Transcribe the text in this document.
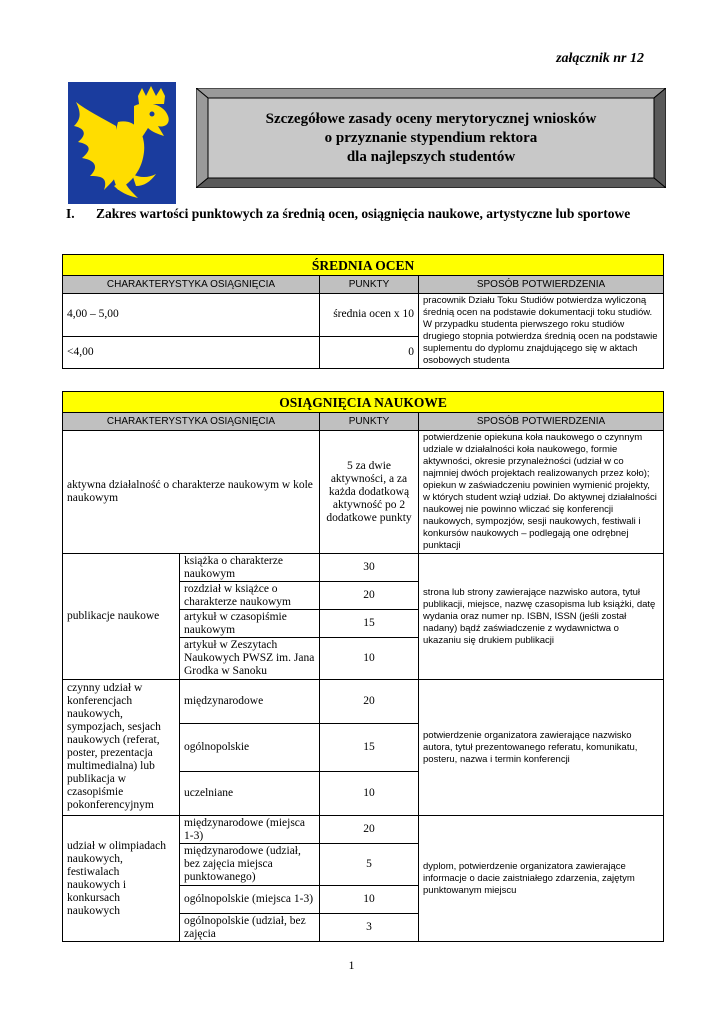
załącznik nr 12
Szczegółowe zasady oceny merytorycznej wniosków
o przyznanie stypendium rektora
dla najlepszych studentów
I. Zakres wartości punktowych za średnią ocen, osiągnięcia naukowe, artystyczne lub sportowe
ŚREDNIA OCEN		
CHARAKTERYSTYKA OSIĄGNIĘCIA	PUNKTY	SPOSÓB POTWIERDZENIA
4,00 – 5,00	średnia ocen x 10	pracownik Działu Toku Studiów potwierdza wyliczoną średnią ocen na podstawie dokumentacji toku studiów. W przypadku studenta pierwszego roku studiów drugiego stopnia potwierdza średnią ocen na podstawie suplementu do dyplomu znajdującego się w aktach osobowych studenta
<4,00	0	
OSIĄGNIĘCIA NAUKOWE			
CHARAKTERYSTYKA OSIĄGNIĘCIA		PUNKTY	SPOSÓB POTWIERDZENIA
aktywna działalność o charakterze naukowym w kole naukowym		5 za dwie aktywności, a za każda dodatkową aktywność po 2 dodatkowe punkty	potwierdzenie opiekuna koła naukowego o czynnym udziale w działalności koła naukowego, formie aktywności, okresie przynależności (udział w co najmniej dwóch projektach realizowanych przez koło); opiekun w zaświadczeniu powinien wymienić projekty, w których student wziął udział. Do aktywnej działalności naukowej nie powinno wliczać się konferencji naukowych, sympozjów, sesji naukowych, festiwali i konkursów naukowych – podlegają one odrębnej punktacji
publikacje naukowe	książka o charakterze naukowym	30	strona lub strony zawierające nazwisko autora, tytuł publikacji, miejsce, nazwę czasopisma lub książki, datę wydania oraz numer np. ISBN, ISSN (jeśli został nadany) bądź zaświadczenie z wydawnictwa o ukazaniu się drukiem publikacji
	rozdział w książce o charakterze naukowym	20	
	artykuł w czasopiśmie naukowym	15	
	artykuł w Zeszytach Naukowych PWSZ im. Jana Grodka w Sanoku	10	
czynny udział w konferencjach naukowych, sympozjach, sesjach naukowych (referat, poster, prezentacja multimedialna) lub publikacja w czasopiśmie pokonferencyjnym	międzynarodowe	20	potwierdzenie organizatora zawierające nazwisko autora, tytuł prezentowanego referatu, komunikatu, posteru, nazwa i termin konferencji
	ogólnopolskie	15	
	uczelniane	10	
udział w olimpiadach naukowych, festiwalach naukowych i konkursach naukowych	międzynarodowe (miejsca 1-3)	20	dyplom, potwierdzenie organizatora zawierające informacje o dacie zaistniałego zdarzenia, zajętym punktowanym miejscu
	międzynarodowe (udział, bez zajęcia miejsca punktowanego)	5	
	ogólnopolskie (miejsca 1-3)	10	
	ogólnopolskie (udział, bez zajęcia	3	
1
